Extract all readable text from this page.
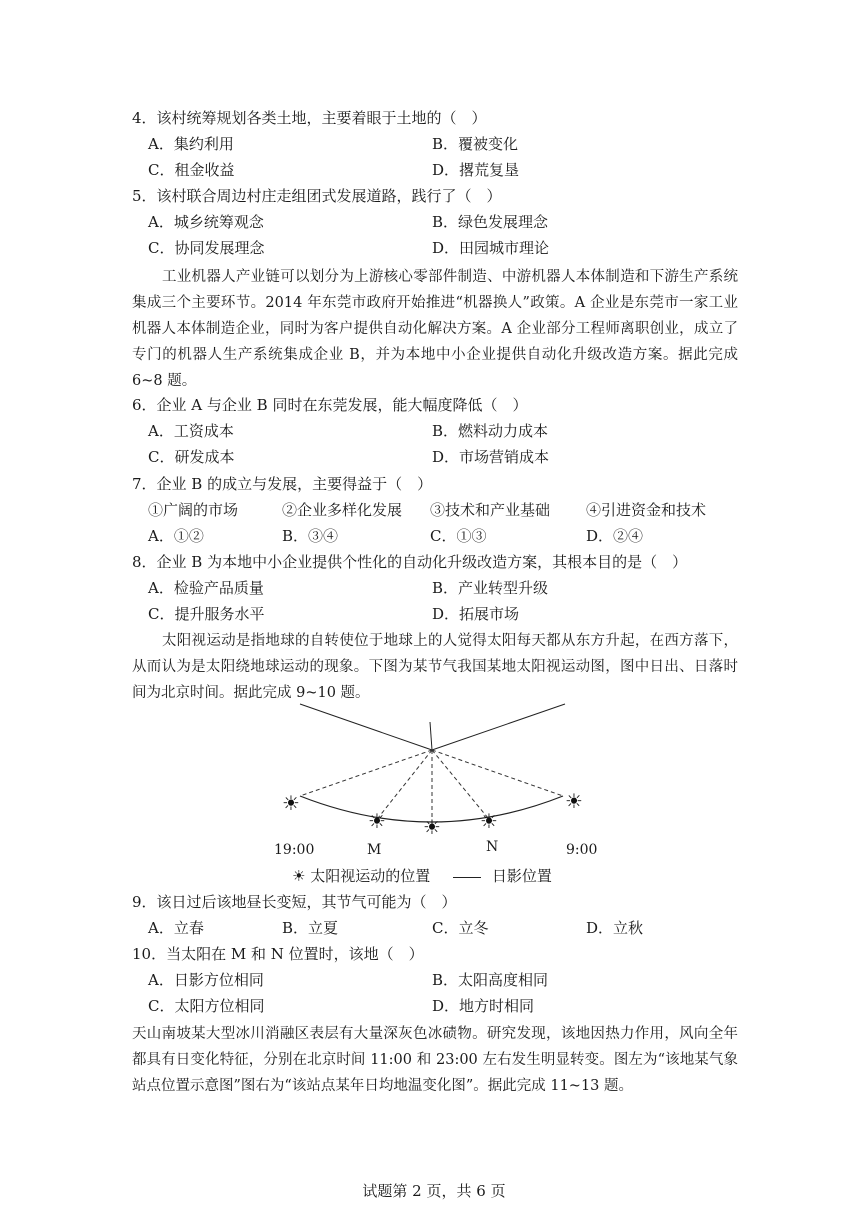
4．该村统筹规划各类土地，主要着眼于土地的（　）
A．集约利用	B．覆被变化
C．租金收益	D．撂荒复垦
5．该村联合周边村庄走组团式发展道路，践行了（　）
A．城乡统筹观念	B．绿色发展理念
C．协同发展理念	D．田园城市理论
工业机器人产业链可以划分为上游核心零部件制造、中游机器人本体制造和下游生产系统集成三个主要环节。2014 年东莞市政府开始推进“机器换人”政策。A 企业是东莞市一家工业机器人本体制造企业，同时为客户提供自动化解决方案。A 企业部分工程师离职创业，成立了专门的机器人生产系统集成企业 B，并为本地中小企业提供自动化升级改造方案。据此完成 6~8 题。
6．企业 A 与企业 B 同时在东莞发展，能大幅度降低（　）
A．工资成本	B．燃料动力成本
C．研发成本	D．市场营销成本
7．企业 B 的成立与发展，主要得益于（　）
①广阔的市场	②企业多样化发展 ③技术和产业基础 ④引进资金和技术
A．①②	B．③④	C．①③	D．②④
8．企业 B 为本地中小企业提供个性化的自动化升级改造方案，其根本目的是（　）
A．检验产品质量	B．产业转型升级
C．提升服务水平	D．拓展市场
太阳视运动是指地球的自转使位于地球上的人觉得太阳每天都从东方升起，在西方落下，从而认为是太阳绕地球运动的现象。下图为某节气我国某地太阳视运动图，图中日出、日落时间为北京时间。据此完成 9~10 题。
☀
☀ ☀ ☀
☀
19:00	M	N	9:00
☀ 太阳视运动的位置	日影位置
9．该日过后该地昼长变短，其节气可能为（　）
A．立春	B．立夏	C．立冬	D．立秋
10．当太阳在 M 和 N 位置时，该地（　）
A．日影方位相同	B．太阳高度相同
C．太阳方位相同	D．地方时相同
天山南坡某大型冰川消融区表层有大量深灰色冰碛物。研究发现，该地因热力作用，风向全年都具有日变化特征，分别在北京时间 11:00 和 23:00 左右发生明显转变。图左为“该地某气象站点位置示意图”图右为“该站点某年日均地温变化图”。据此完成 11~13 题。
试题第 2 页，共 6 页
